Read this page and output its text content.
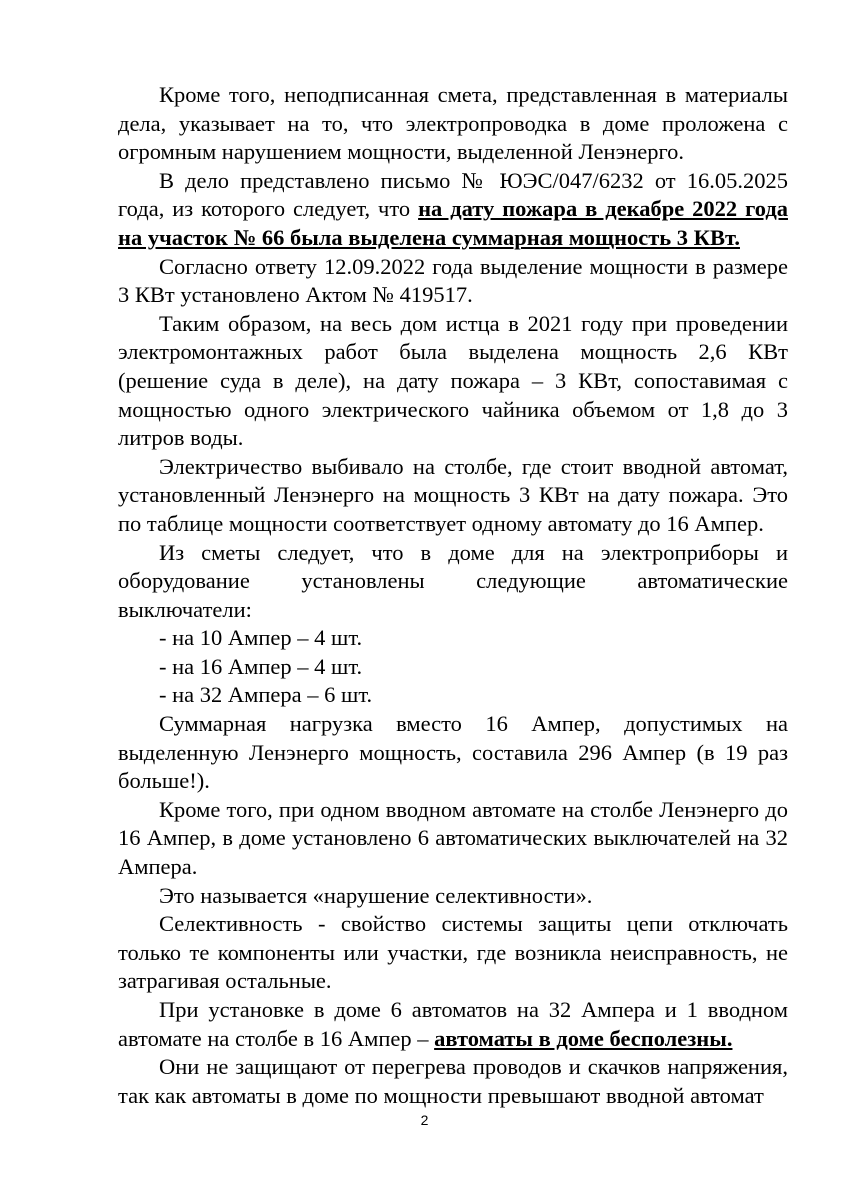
Кроме того, неподписанная смета, представленная в материалы дела, указывает на то, что электропроводка в доме проложена с огромным нарушением мощности, выделенной Ленэнерго.

В дело представлено письмо № ЮЭС/047/6232 от 16.05.2025 года, из которого следует, что на дату пожара в декабре 2022 года на участок № 66 была выделена суммарная мощность 3 КВт.

Согласно ответу 12.09.2022 года выделение мощности в размере 3 КВт установлено Актом № 419517.

Таким образом, на весь дом истца в 2021 году при проведении электромонтажных работ была выделена мощность 2,6 КВт (решение суда в деле), на дату пожара – 3 КВт, сопоставимая с мощностью одного электрического чайника объемом от 1,8 до 3 литров воды.

Электричество выбивало на столбе, где стоит вводной автомат, установленный Ленэнерго на мощность 3 КВт на дату пожара. Это по таблице мощности соответствует одному автомату до 16 Ампер.

Из сметы следует, что в доме для на электроприборы и оборудование установлены следующие автоматические выключатели:

- на 10 Ампер – 4 шт.

- на 16 Ампер – 4 шт.

- на 32 Ампера – 6 шт.

Суммарная нагрузка вместо 16 Ампер, допустимых на выделенную Ленэнерго мощность, составила 296 Ампер (в 19 раз больше!).

Кроме того, при одном вводном автомате на столбе Ленэнерго до 16 Ампер, в доме установлено 6 автоматических выключателей на 32 Ампера.

Это называется «нарушение селективности».

Селективность - свойство системы защиты цепи отключать только те компоненты или участки, где возникла неисправность, не затрагивая остальные.

При установке в доме 6 автоматов на 32 Ампера и 1 вводном автомате на столбе в 16 Ампер – автоматы в доме бесполезны.

Они не защищают от перегрева проводов и скачков напряжения, так как автоматы в доме по мощности превышают вводной автомат

2
